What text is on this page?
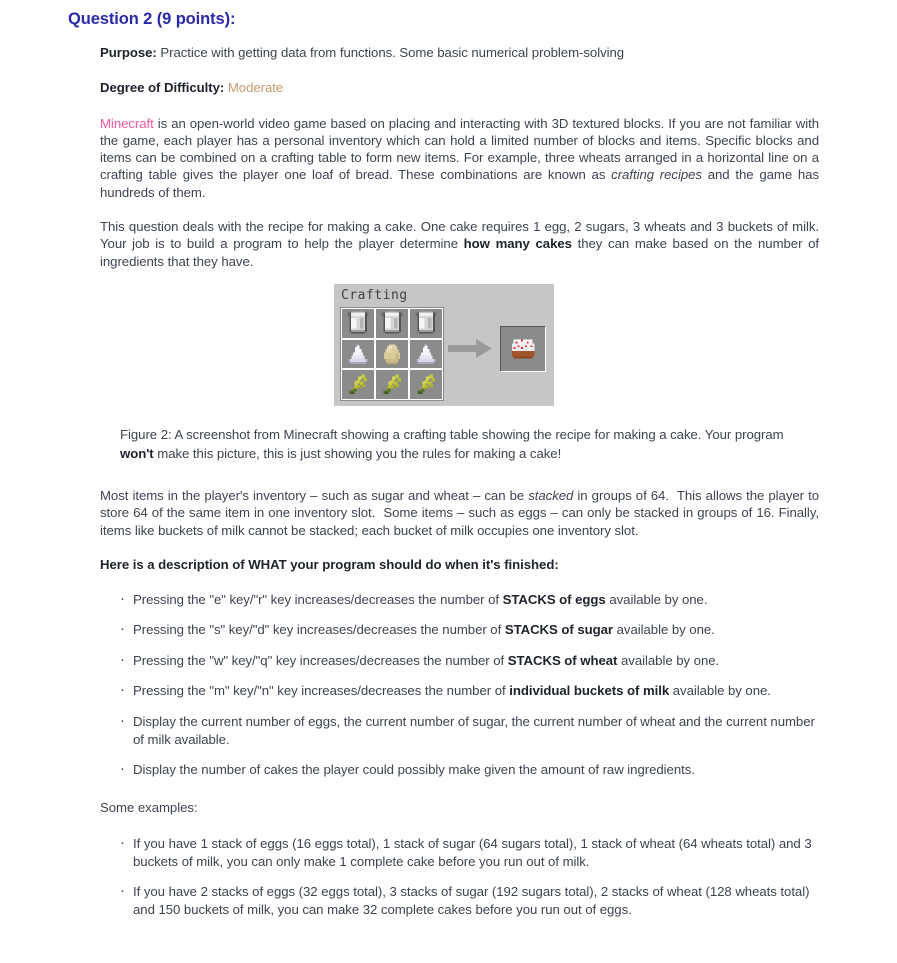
Question 2 (9 points):

Purpose: Practice with getting data from functions. Some basic numerical problem-solving

Degree of Difficulty: Moderate

Minecraft is an open-world video game based on placing and interacting with 3D textured blocks. If you are not familiar with the game, each player has a personal inventory which can hold a limited number of blocks and items. Specific blocks and items can be combined on a crafting table to form new items. For example, three wheats arranged in a horizontal line on a crafting table gives the player one loaf of bread. These combinations are known as crafting recipes and the game has hundreds of them.

This question deals with the recipe for making a cake. One cake requires 1 egg, 2 sugars, 3 wheats and 3 buckets of milk. Your job is to build a program to help the player determine how many cakes they can make based on the number of ingredients that they have.

Crafting
Figure 2: A screenshot from Minecraft showing a crafting table showing the recipe for making a cake. Your program won't make this picture, this is just showing you the rules for making a cake!

Most items in the player's inventory – such as sugar and wheat – can be stacked in groups of 64.  This allows the player to store 64 of the same item in one inventory slot.  Some items – such as eggs – can only be stacked in groups of 16. Finally, items like buckets of milk cannot be stacked; each bucket of milk occupies one inventory slot.

Here is a description of WHAT your program should do when it's finished:

· Pressing the "e" key/"r" key increases/decreases the number of STACKS of eggs available by one.
· Pressing the "s" key/"d" key increases/decreases the number of STACKS of sugar available by one.
· Pressing the "w" key/"q" key increases/decreases the number of STACKS of wheat available by one.
· Pressing the "m" key/"n" key increases/decreases the number of individual buckets of milk available by one.
· Display the current number of eggs, the current number of sugar, the current number of wheat and the current number of milk available.
· Display the number of cakes the player could possibly make given the amount of raw ingredients.

Some examples:

· If you have 1 stack of eggs (16 eggs total), 1 stack of sugar (64 sugars total), 1 stack of wheat (64 wheats total) and 3 buckets of milk, you can only make 1 complete cake before you run out of milk.
· If you have 2 stacks of eggs (32 eggs total), 3 stacks of sugar (192 sugars total), 2 stacks of wheat (128 wheats total) and 150 buckets of milk, you can make 32 complete cakes before you run out of eggs.
